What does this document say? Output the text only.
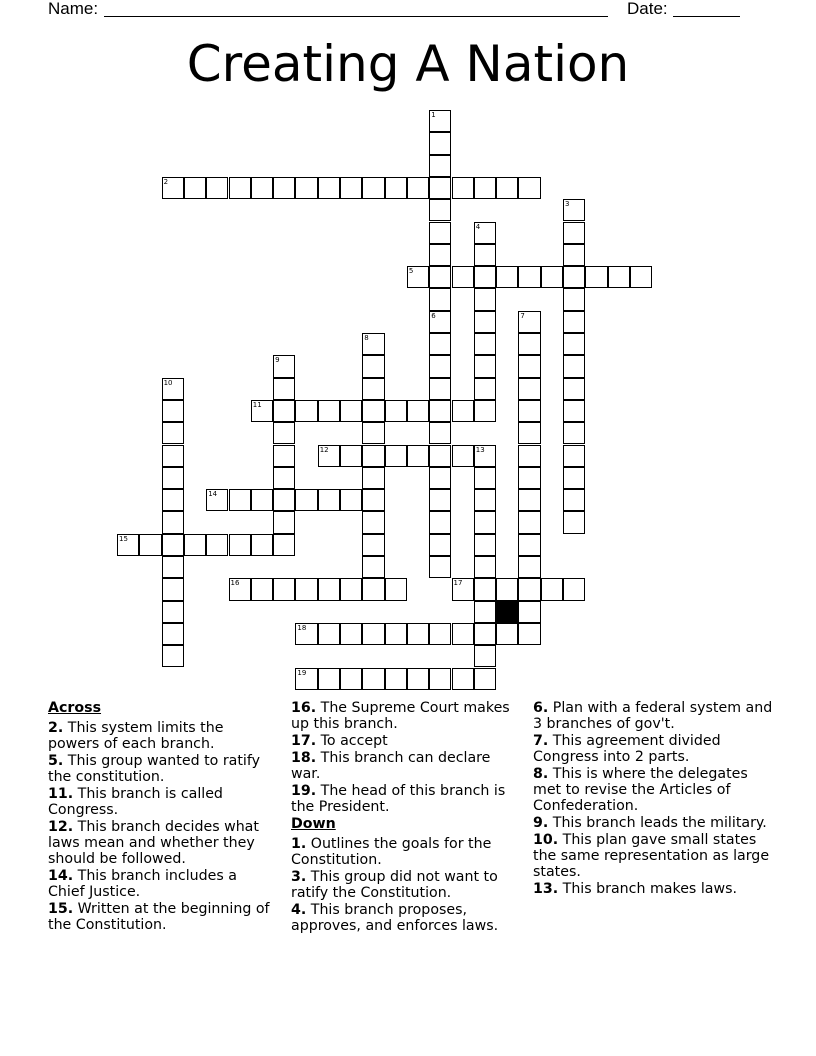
Name:	Date:
Creating A Nation
1
6
2
3
4
5
7
8
9
10
11
12	13
14
15
16	17
18
19
Across
2. This system limits the powers of each branch.
5. This group wanted to ratify the constitution.
11. This branch is called Congress.
12. This branch decides what laws mean and whether they should be followed.
14. This branch includes a Chief Justice.
15. Written at the beginning of the Constitution.
16. The Supreme Court makes up this branch.
17. To accept
18. This branch can declare war.
19. The head of this branch is the President.
Down
1. Outlines the goals for the Constitution.
3. This group did not want to ratify the Constitution.
4. This branch proposes, approves, and enforces laws.
6. Plan with a federal system and 3 branches of gov't.
7. This agreement divided Congress into 2 parts.
8. This is where the delegates met to revise the Articles of Confederation.
9. This branch leads the military.
10. This plan gave small states the same representation as large states.
13. This branch makes laws.
